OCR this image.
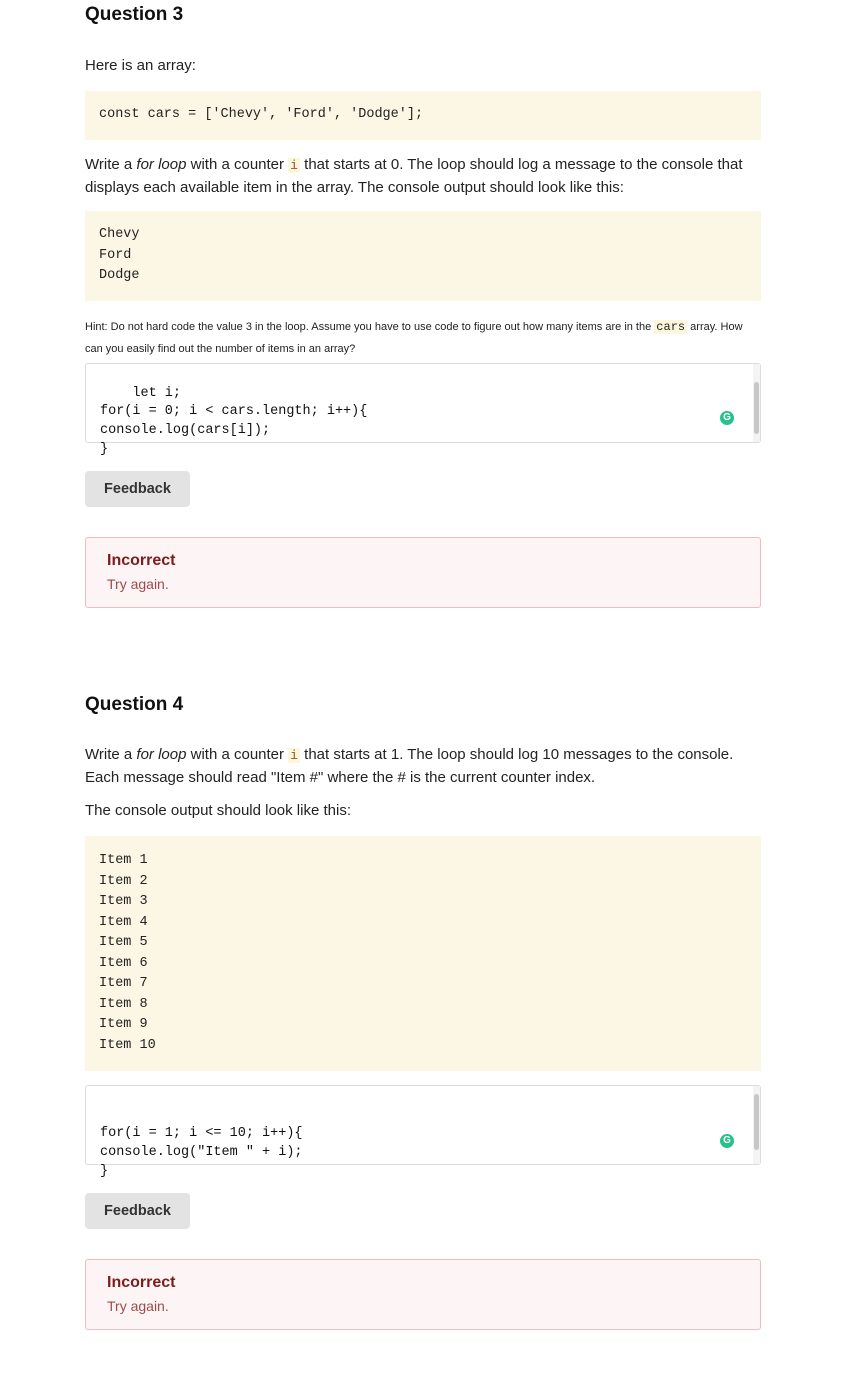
Question 3

Here is an array:

const cars = ['Chevy', 'Ford', 'Dodge'];

Write a for loop with a counter i that starts at 0. The loop should log a message to the console that displays each available item in the array. The console output should look like this:

Chevy
Ford
Dodge

Hint: Do not hard code the value 3 in the loop. Assume you have to use code to figure out how many items are in the cars array. How can you easily find out the number of items in an array?

let i;
for(i = 0; i < cars.length; i++){
console.log(cars[i]);
}

G

Feedback

Incorrect

Try again.

Question 4

Write a for loop with a counter i that starts at 1. The loop should log 10 messages to the console. Each message should read "Item #" where the # is the current counter index.

The console output should look like this:

Item 1
Item 2
Item 3
Item 4
Item 5
Item 6
Item 7
Item 8
Item 9
Item 10

for(i = 1; i <= 10; i++){
console.log("Item " + i);
}

G

Feedback

Incorrect

Try again.
